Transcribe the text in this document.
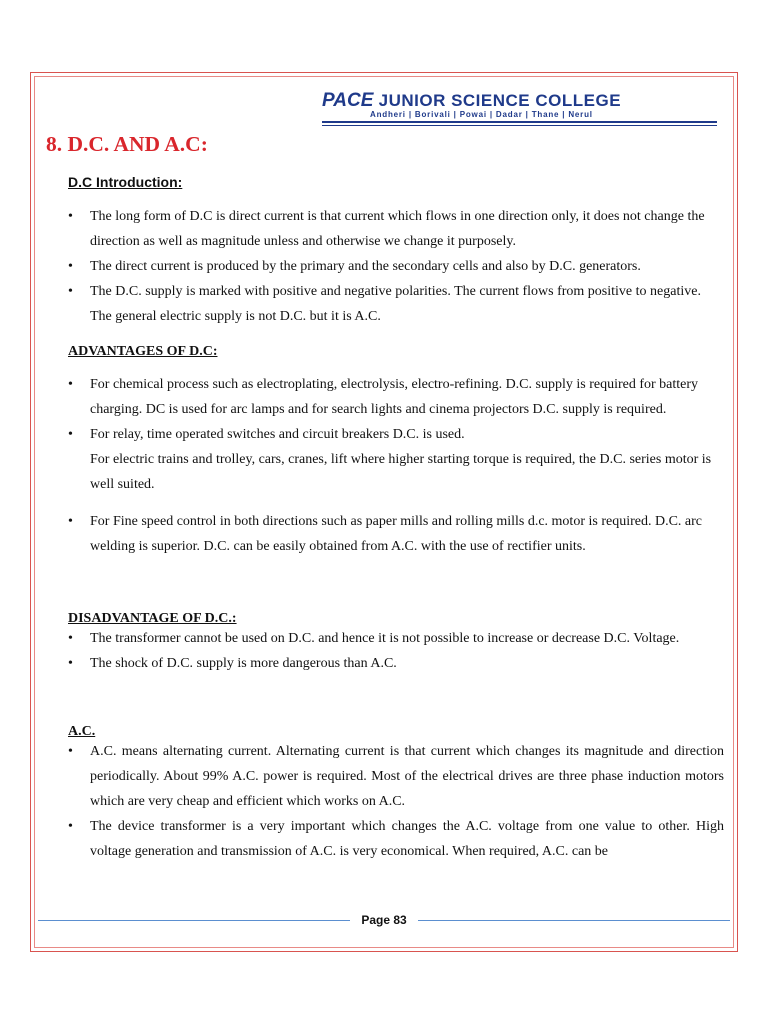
PACE JUNIOR SCIENCE COLLEGE
Andheri | Borivali | Powai | Dadar | Thane | Nerul
8. D.C. AND A.C:
D.C Introduction:
• The long form of D.C is direct current is that current which flows in one direction only, it does not change the direction as well as magnitude unless and otherwise we change it purposely.
• The direct current is produced by the primary and the secondary cells and also by D.C. generators.
• The D.C. supply is marked with positive and negative polarities. The current flows from positive to negative. The general electric supply is not D.C. but it is A.C.
ADVANTAGES OF D.C:
• For chemical process such as electroplating, electrolysis, electro-refining. D.C. supply is required for battery charging. DC is used for arc lamps and for search lights and cinema projectors D.C. supply is required.
• For relay, time operated switches and circuit breakers D.C. is used.
For electric trains and trolley, cars, cranes, lift where higher starting torque is required, the D.C. series motor is well suited.
• For Fine speed control in both directions such as paper mills and rolling mills d.c. motor is required. D.C. arc welding is superior. D.C. can be easily obtained from A.C. with the use of rectifier units.
DISADVANTAGE OF D.C.:
• The transformer cannot be used on D.C. and hence it is not possible to increase or decrease D.C. Voltage.
• The shock of D.C. supply is more dangerous than A.C.
A.C.
• A.C. means alternating current. Alternating current is that current which changes its magnitude and direction periodically. About 99% A.C. power is required. Most of the electrical drives are three phase induction motors which are very cheap and efficient which works on A.C.
• The device transformer is a very important which changes the A.C. voltage from one value to other. High voltage generation and transmission of A.C. is very economical. When required, A.C. can be
Page 83
